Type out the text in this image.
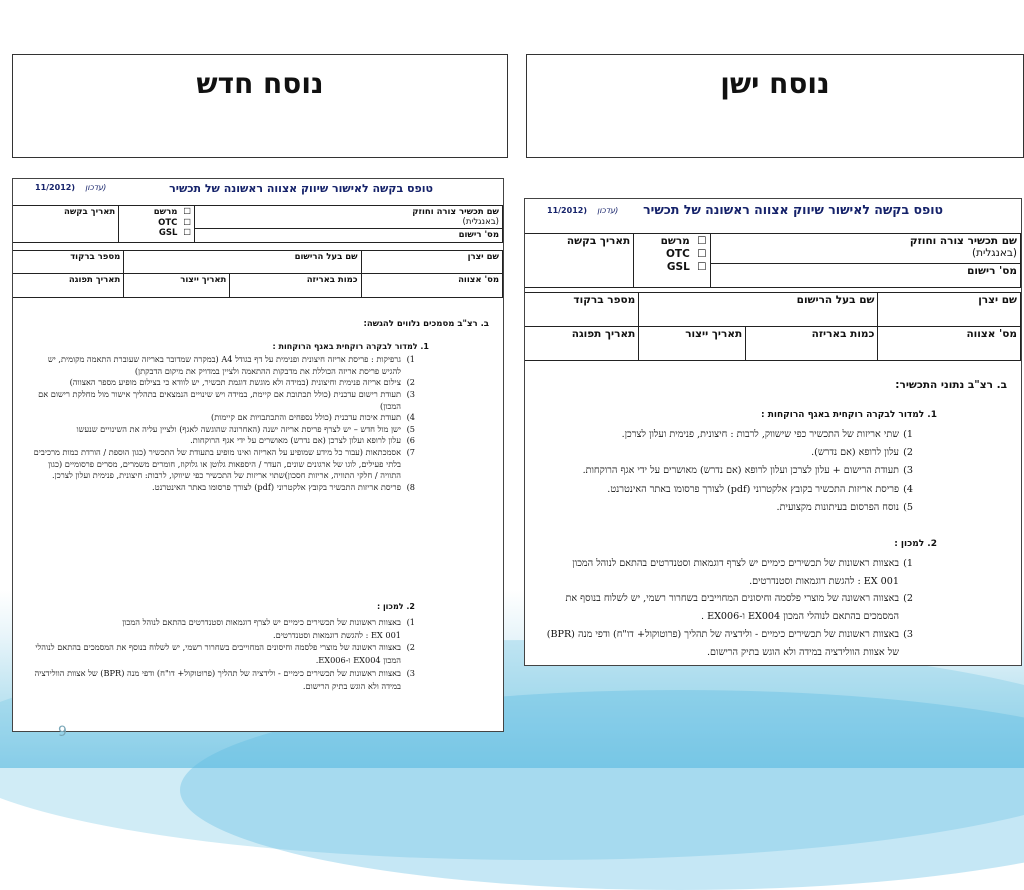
נוסח חדש	נוסח ישן
טופס בקשה לאישור שיווק אצווה ראשונה של תכשיר
(עדכון    (11/2012
שם תכשיר צורה וחוזק
(באנגלית)

☐  מרשם
☐  OTC
☐  GSL
	תאריך בקשה
מס' רישום
שם יצרן	שם בעל הרישום		מספר ברקוד
מס' אצווה	כמות באריזה	תאריך ייצור	תאריך תפוגה
ב. רצ"ב מסמכים נלווים להגשה:
1. למדור לבקרה רוקחית באגף הרוקחות :
1)
גרפיקות : פריסת אריזה חיצונית ופנימית על דף בגודל A4 (במקרה שמדובר באריזה שעוברת התאמה מקומית, יש להגיש פריסת אריזה הכוללת את מדבקות ההתאמה ולציין במדויק את מיקום הדבקתן)
2)
צילום אריזה פנימית וחיצונית (במידה ולא מוגשת דוגמת תכשיר, יש לוודא כי בצילום מופיע מספר האצווה)
3)
תעודת רישום עדכנית (כולל תכתובת אם קיימת, במידה ויש שינויים הנמצאים בתהליך אישור מול מחלקת רישום אם המכון)
4)
תעודת איכות עדכנית (כולל נספחים והתכתבויות אם קיימות)
5)
ישן מול חדש – יש לצרף פריסת אריזה ישנה (האחרונה שהוגשה לאגף) ולציין עליה את השינויים שנעשו
6)
עלון לרופא ועלון לצרכן (אם נדרש) מאושרים על ידי אגף הרוקחות.
7)
אסמכתאות (עבור כל מידע שמופיע על האריזה ואינו מופיע בתעודת של התכשיר (כגון הוספת / הורדת כמות מרכיבים בלתי פעילים, לוגו של ארגונים שונים, העדר / היספאות גלוטן או גלוקוז, חומרים משמרים, מסרים פרסומיים (כגון התוויה / חלקי התוויה, אריזות חסכון)שתוי אריזות של התכשיר כפי שיווקו, לרבות: חיצונית, פנימית ועלון לצרכן.
8)
פריסת אריזות התכשיר בקובץ אלקטרוני (pdf) לצורך פרסומו באתר האינטרנט.
2. למכון :
1)
באצוות ראשונות של תכשירים כימיים יש לצרף דוגמאות וסטנדרטים בהתאם לנוהל המכון
EX 001 : להגשת דוגמאות וסטנדרטים.
2)
באצווה ראשונה של מוצרי פלסמה וחיסונים המחוייבים בשחרור רשמי, יש לשלוח בנוסף את המסמכים בהתאם לנוהלי המכון EX004 ו-EX006.
3)
באצוות ראשונות של תכשירים כימיים - ולידציה של תהליך (פרוטוקול+ דו"ח) ודפי מנה (BPR) של אצוות הוולידציה במידה ולא הוגש בתיק הרישום.
טופס בקשה לאישור שיווק אצווה ראשונה של תכשיר
(עדכון    (11/2012
שם תכשיר צורה וחוזק
(באנגלית)

☐  מרשם
☐  OTC
☐  GSL
	תאריך בקשה
מס' רישום
שם יצרן	שם בעל הרישום		מספר ברקוד
מס' אצווה	כמות באריזה	תאריך ייצור	תאריך תפוגה
ב. רצ"ב נתוני התכשיר:
1. למדור לבקרה רוקחית באגף הרוקחות :
1)
שתי אריזות של התכשיר כפי שישווק, לרבות : חיצונית, פנימית ועלון לצרכן.
2)
עלון לרופא (אם נדרש).
3)
תעודת הרישום + עלון לצרכן ועלון לרופא (אם נדרש) מאושרים על ידי אגף הרוקחות.
4)
פריסת אריזות התכשיר בקובץ אלקטרוני (pdf) לצורך פרסומו באתר האינטרנט.
5)
נוסח הפרסום בעיתונות מקצועית.
2. למכון :
1)
באצוות ראשונות של תכשירים כימיים יש לצרף דוגמאות וסטנדרטים בהתאם לנוהל המכון
EX 001 : להגשת דוגמאות וסטנדרטים.
2)
באצווה ראשונה של מוצרי פלסמה וחיסונים המחוייבים בשחרור רשמי, יש לשלוח בנוסף את המסמכים בהתאם לנוהלי המכון EX004 ו-EX006 .
3)
באצוות ראשונות של תכשירים כימיים - ולידציה של תהליך (פרוטוקול+ דו"ח) ודפי מנה (BPR) של אצוות הוולידציה במידה ולא הוגש בתיק הרישום.
9
